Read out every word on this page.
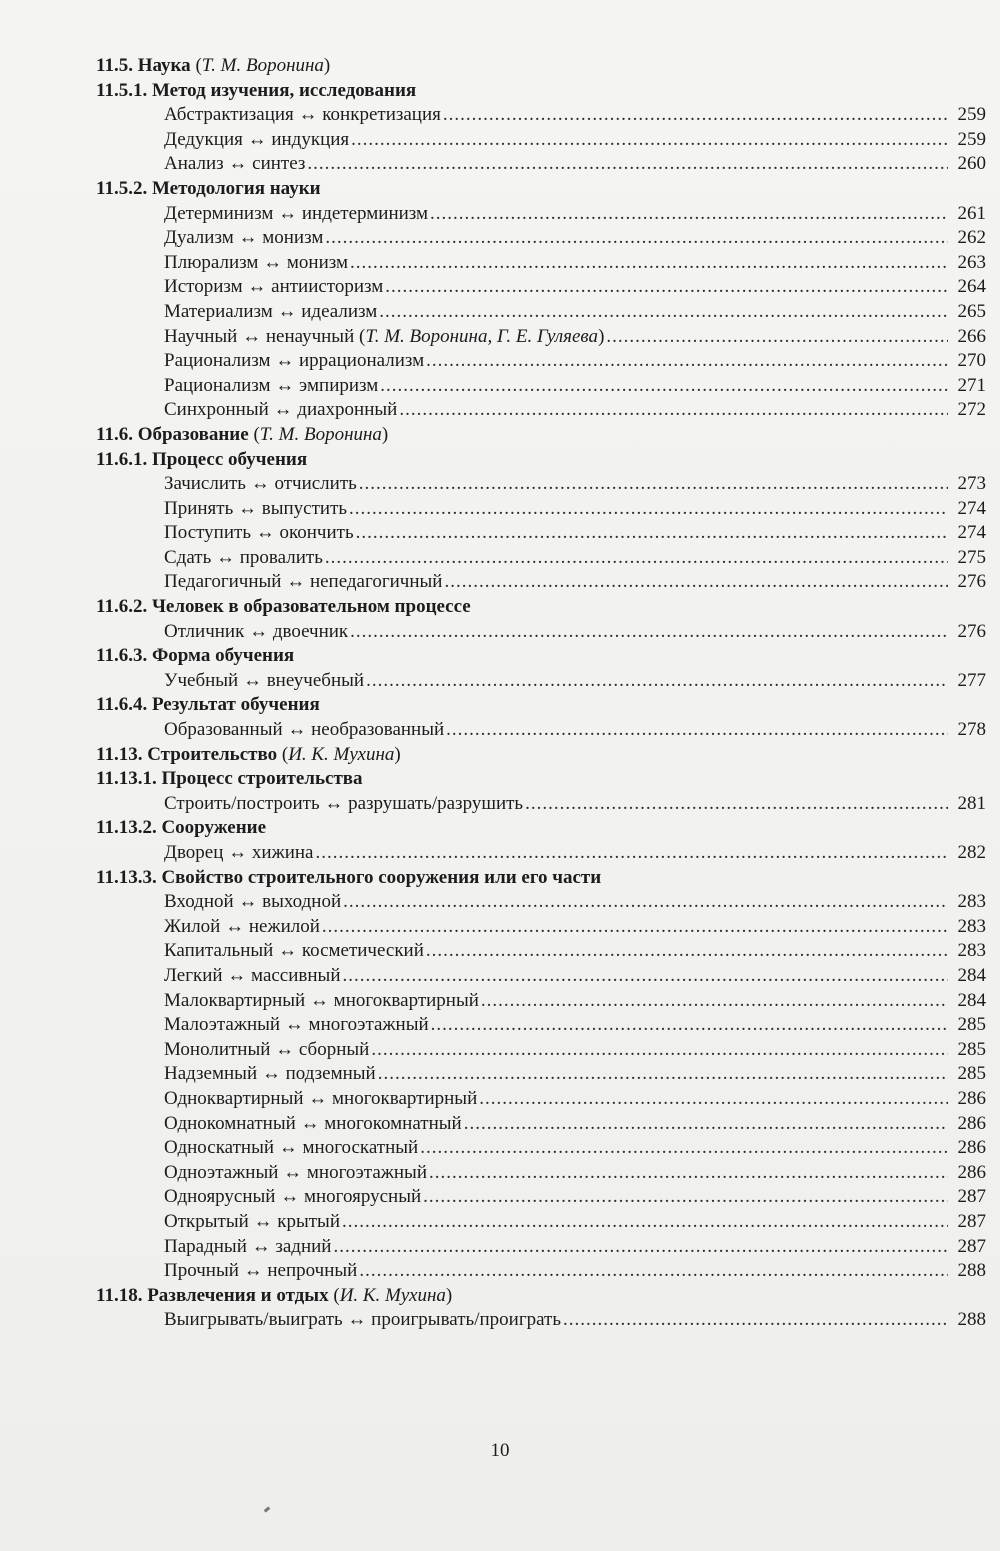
11.5. Наука (Т. М. Воронина)
11.5.1. Метод изучения, исследования
Абстрактизация ↔ конкретизация .....	259
Дедукция ↔ индукция .....	259
Анализ ↔ синтез .....	260
11.5.2. Методология науки
Детерминизм ↔ индетерминизм .....	261
Дуализм ↔ монизм .....	262
Плюрализм ↔ монизм .....	263
Историзм ↔ антиисторизм .....	264
Материализм ↔ идеализм .....	265
Научный ↔ ненаучный (Т. М. Воронина, Г. Е. Гуляева) .....	266
Рационализм ↔ иррационализм .....	270
Рационализм ↔ эмпиризм .....	271
Синхронный ↔ диахронный .....	272
11.6. Образование (Т. М. Воронина)
11.6.1. Процесс обучения
Зачислить ↔ отчислить .....	273
Принять ↔ выпустить .....	274
Поступить ↔ окончить .....	274
Сдать ↔ провалить .....	275
Педагогичный ↔ непедагогичный .....	276
11.6.2. Человек в образовательном процессе
Отличник ↔ двоечник .....	276
11.6.3. Форма обучения
Учебный ↔ внеучебный .....	277
11.6.4. Результат обучения
Образованный ↔ необразованный .....	278
11.13. Строительство (И. К. Мухина)
11.13.1. Процесс строительства
Строить/построить ↔ разрушать/разрушить .....	281
11.13.2. Сооружение
Дворец ↔ хижина .....	282
11.13.3. Свойство строительного сооружения или его части
Входной ↔ выходной .....	283
Жилой ↔ нежилой .....	283
Капитальный ↔ косметический .....	283
Легкий ↔ массивный .....	284
Малоквартирный ↔ многоквартирный .....	284
Малоэтажный ↔ многоэтажный .....	285
Монолитный ↔ сборный .....	285
Надземный ↔ подземный .....	285
Одноквартирный ↔ многоквартирный .....	286
Однокомнатный ↔ многокомнатный .....	286
Односкатный ↔ многоскатный .....	286
Одноэтажный ↔ многоэтажный .....	286
Одноярусный ↔ многоярусный .....	287
Открытый ↔ крытый .....	287
Парадный ↔ задний .....	287
Прочный ↔ непрочный .....	288
11.18. Развлечения и отдых (И. К. Мухина)
Выигрывать/выиграть ↔ проигрывать/проиграть .....	288
10
